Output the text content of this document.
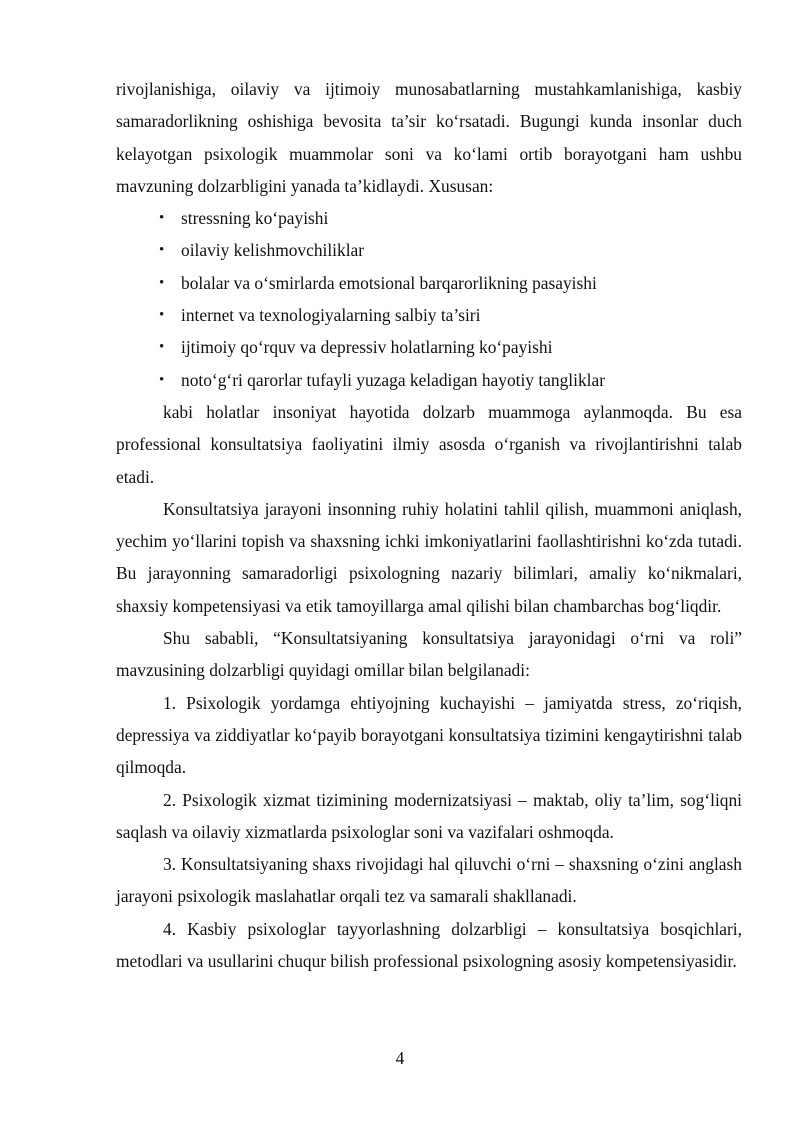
rivojlanishiga, oilaviy va ijtimoiy munosabatlarning mustahkamlanishiga, kasbiy samaradorlikning oshishiga bevosita ta’sir ko‘rsatadi. Bugungi kunda insonlar duch kelayotgan psixologik muammolar soni va ko‘lami ortib borayotgani ham ushbu mavzuning dolzarbligini yanada ta’kidlaydi. Xususan:

• stressning ko‘payishi
• oilaviy kelishmovchiliklar
• bolalar va o‘smirlarda emotsional barqarorlikning pasayishi
• internet va texnologiyalarning salbiy ta’siri
• ijtimoiy qo‘rquv va depressiv holatlarning ko‘payishi
• noto‘g‘ri qarorlar tufayli yuzaga keladigan hayotiy tangliklar

kabi holatlar insoniyat hayotida dolzarb muammoga aylanmoqda. Bu esa professional konsultatsiya faoliyatini ilmiy asosda o‘rganish va rivojlantirishni talab etadi.

Konsultatsiya jarayoni insonning ruhiy holatini tahlil qilish, muammoni aniqlash, yechim yo‘llarini topish va shaxsning ichki imkoniyatlarini faollashtirishni ko‘zda tutadi. Bu jarayonning samaradorligi psixologning nazariy bilimlari, amaliy ko‘nikmalari, shaxsiy kompetensiyasi va etik tamoyillarga amal qilishi bilan chambarchas bog‘liqdir.

Shu sababli, “Konsultatsiyaning konsultatsiya jarayonidagi o‘rni va roli” mavzusining dolzarbligi quyidagi omillar bilan belgilanadi:

1. Psixologik yordamga ehtiyojning kuchayishi – jamiyatda stress, zo‘riqish, depressiya va ziddiyatlar ko‘payib borayotgani konsultatsiya tizimini kengaytirishni talab qilmoqda.

2. Psixologik xizmat tizimining modernizatsiyasi – maktab, oliy ta’lim, sog‘liqni saqlash va oilaviy xizmatlarda psixologlar soni va vazifalari oshmoqda.

3. Konsultatsiyaning shaxs rivojidagi hal qiluvchi o‘rni – shaxsning o‘zini anglash jarayoni psixologik maslahatlar orqali tez va samarali shakllanadi.

4. Kasbiy psixologlar tayyorlashning dolzarbligi – konsultatsiya bosqichlari, metodlari va usullarini chuqur bilish professional psixologning asosiy kompetensiyasidir.

4
